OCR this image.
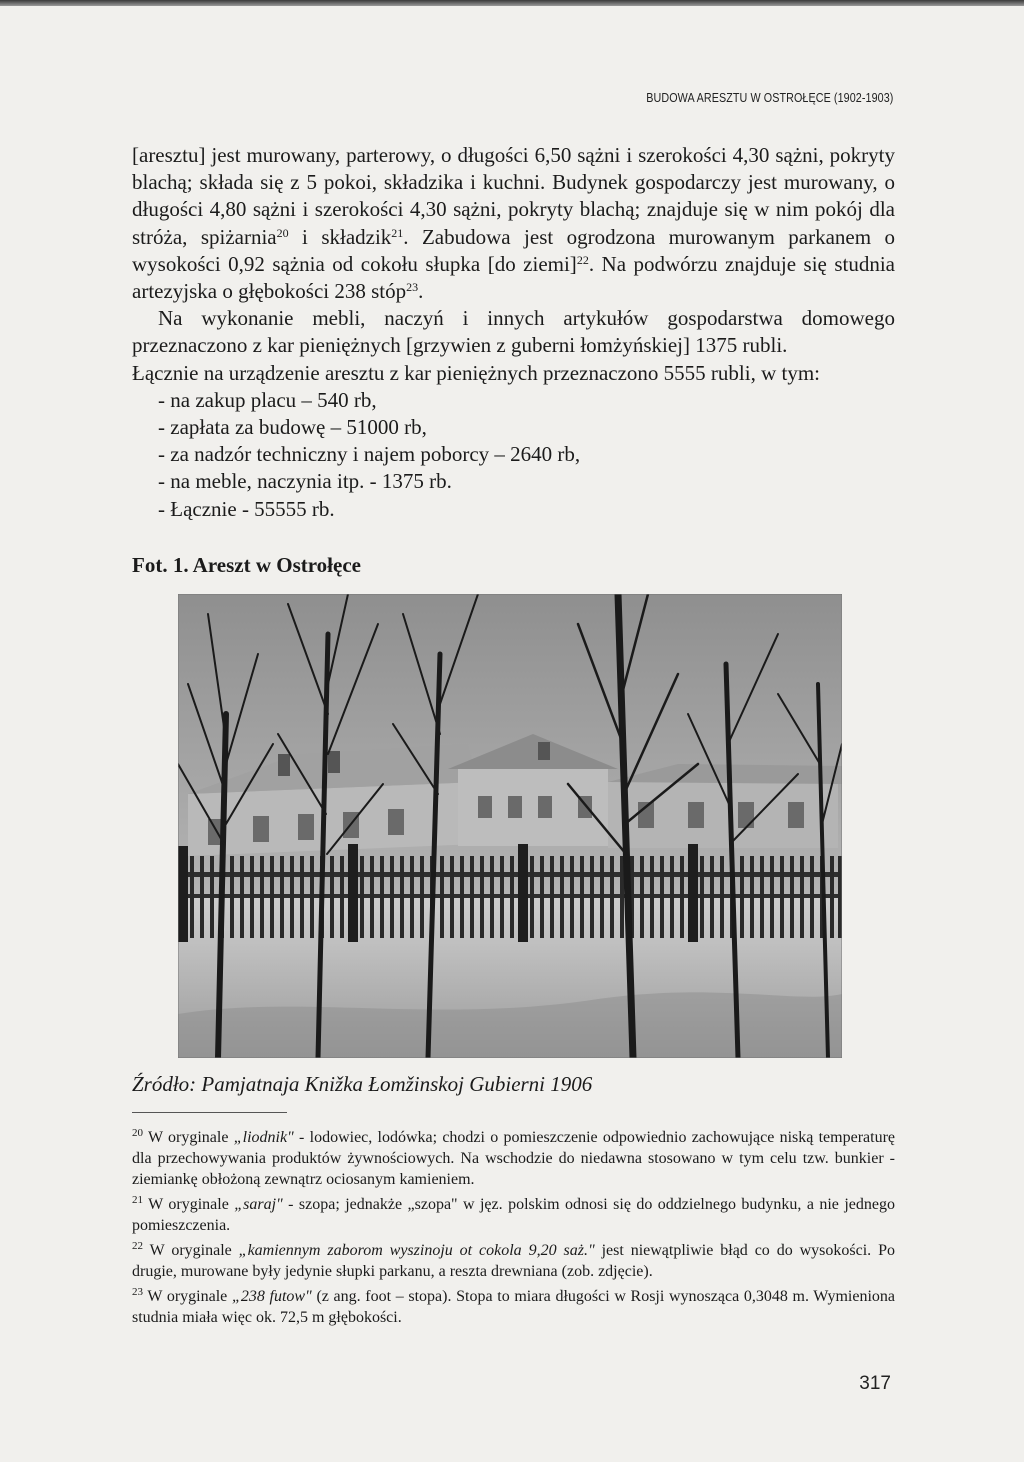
BUDOWA ARESZTU W OSTROŁĘCE (1902-1903)

[aresztu] jest murowany, parterowy, o długości 6,50 sążni i szerokości 4,30 sążni, pokryty blachą; składa się z 5 pokoi, składzika i kuchni. Budynek gospodarczy jest murowany, o długości 4,80 sążni i szerokości 4,30 sążni, pokryty blachą; znajduje się w nim pokój dla stróża, spiżarnia$^{20}$ i składzik$^{21}$. Zabudowa jest ogrodzona murowanym parkanem o wysokości 0,92 sążnia od cokołu słupka [do ziemi]$^{22}$. Na podwórzu znajduje się studnia artezyjska o głębokości 238 stóp$^{23}$.

Na wykonanie mebli, naczyń i innych artykułów gospodarstwa domowego przeznaczono z kar pieniężnych [grzywien z guberni łomżyńskiej] 1375 rubli.

Łącznie na urządzenie aresztu z kar pieniężnych przeznaczono 5555 rubli, w tym:

- na zakup placu – 540 rb,
- zapłata za budowę – 51000 rb,
- za nadzór techniczny i najem poborcy – 2640 rb,
- na meble, naczynia itp. - 1375 rb.
- Łącznie - 55555 rb.
Fot. 1. Areszt w Ostrołęce
Źródło: Pamjatnaja Knižka Łomžinskoj Gubierni 1906

$^{20}$ W oryginale „liodnik" - lodowiec, lodówka; chodzi o pomieszczenie odpowiednio zachowujące niską temperaturę dla przechowywania produktów żywnościowych. Na wschodzie do niedawna stosowano w tym celu tzw. bunkier -ziemiankę obłożoną zewnątrz ociosanym kamieniem.

$^{21}$ W oryginale „saraj" - szopa; jednakże „szopa" w jęz. polskim odnosi się do oddzielnego budynku, a nie jednego pomieszczenia.

$^{22}$ W oryginale „kamiennym zaborom wyszinoju ot cokola 9,20 saż." jest niewątpliwie błąd co do wysokości. Po drugie, murowane były jedynie słupki parkanu, a reszta drewniana (zob. zdjęcie).

$^{23}$ W oryginale „238 futow" (z ang. foot – stopa). Stopa to miara długości w Rosji wynosząca 0,3048 m. Wymieniona studnia miała więc ok. 72,5 m głębokości.

317
